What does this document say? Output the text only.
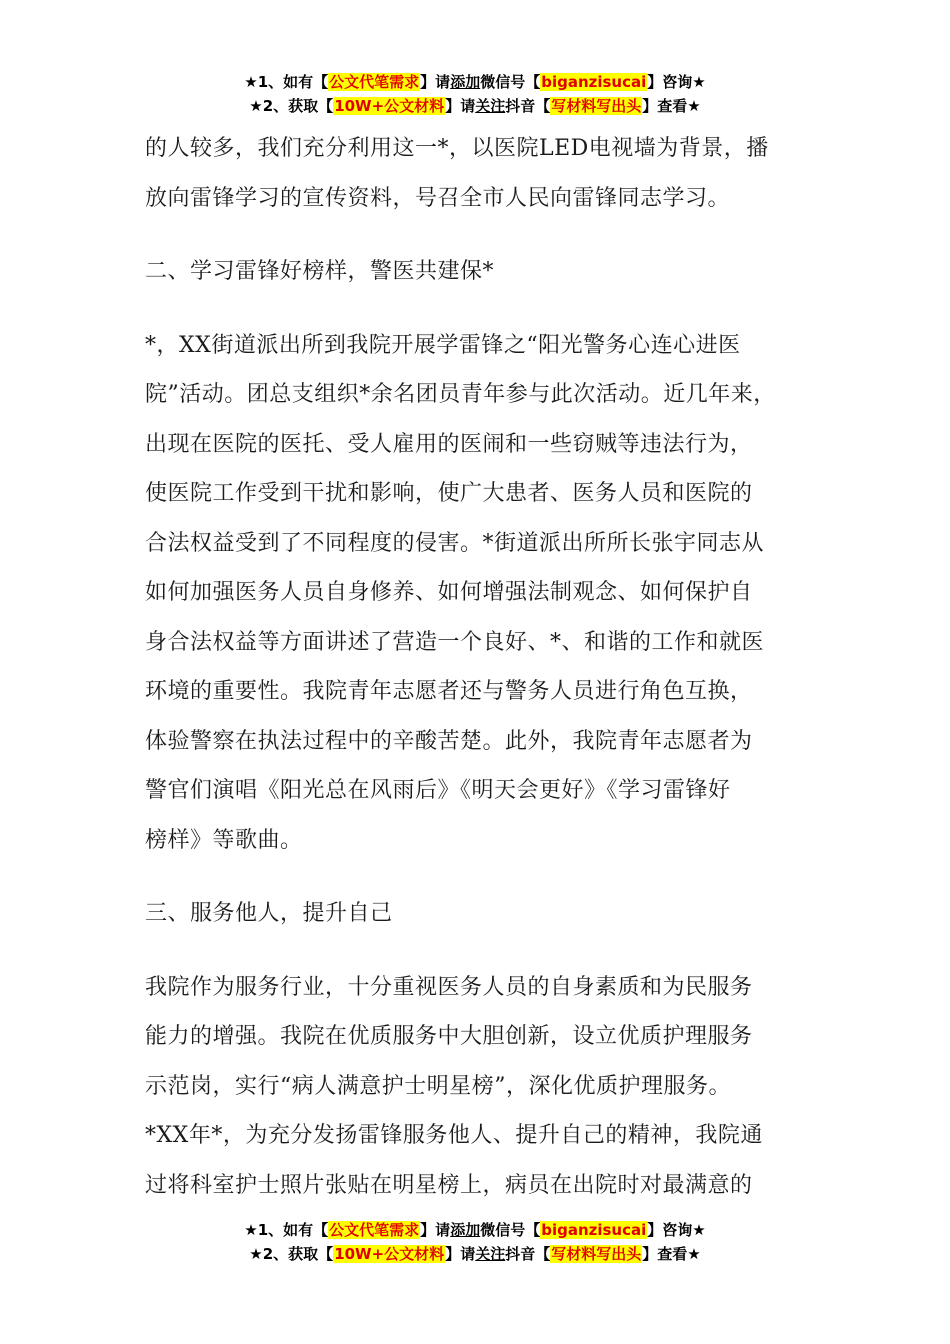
★1、如有【公文代笔需求】请添加微信号【biganzisucai】咨询★
★2、获取【10W+公文材料】请关注抖音【写材料写出头】查看★

的人较多，我们充分利用这一*，以医院LED电视墙为背景，播

放向雷锋学习的宣传资料，号召全市人民向雷锋同志学习。

二、学习雷锋好榜样，警医共建保*

*，XX街道派出所到我院开展学雷锋之“阳光警务心连心进医

院”活动。团总支组织*余名团员青年参与此次活动。近几年来，

出现在医院的医托、受人雇用的医闹和一些窃贼等违法行为，

使医院工作受到干扰和影响，使广大患者、医务人员和医院的

合法权益受到了不同程度的侵害。*街道派出所所长张宇同志从

如何加强医务人员自身修养、如何增强法制观念、如何保护自

身合法权益等方面讲述了营造一个良好、*、和谐的工作和就医

环境的重要性。我院青年志愿者还与警务人员进行角色互换，

体验警察在执法过程中的辛酸苦楚。此外，我院青年志愿者为

警官们演唱《阳光总在风雨后》《明天会更好》《学习雷锋好

榜样》等歌曲。

三、服务他人，提升自己

我院作为服务行业，十分重视医务人员的自身素质和为民服务

能力的增强。我院在优质服务中大胆创新，设立优质护理服务

示范岗，实行“病人满意护士明星榜”，深化优质护理服务。

*XX年*，为充分发扬雷锋服务他人、提升自己的精神，我院通

过将科室护士照片张贴在明星榜上，病员在出院时对最满意的

★1、如有【公文代笔需求】请添加微信号【biganzisucai】咨询★
★2、获取【10W+公文材料】请关注抖音【写材料写出头】查看★
